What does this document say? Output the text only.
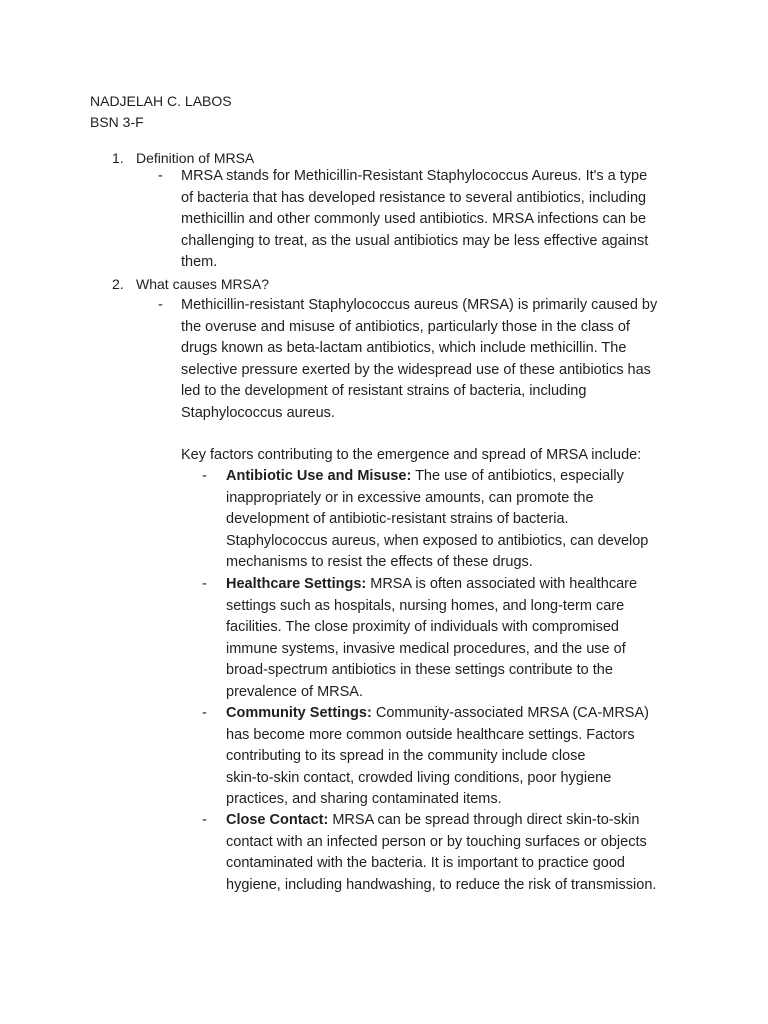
NADJELAH C. LABOS
BSN 3-F
1. Definition of MRSA
- MRSA stands for Methicillin-Resistant Staphylococcus Aureus. It's a type
of bacteria that has developed resistance to several antibiotics, including
methicillin and other commonly used antibiotics. MRSA infections can be
challenging to treat, as the usual antibiotics may be less effective against
them.
2. What causes MRSA?
- Methicillin-resistant Staphylococcus aureus (MRSA) is primarily caused by
the overuse and misuse of antibiotics, particularly those in the class of
drugs known as beta-lactam antibiotics, which include methicillin. The
selective pressure exerted by the widespread use of these antibiotics has
led to the development of resistant strains of bacteria, including
Staphylococcus aureus.
Key factors contributing to the emergence and spread of MRSA include:
- Antibiotic Use and Misuse: The use of antibiotics, especially
inappropriately or in excessive amounts, can promote the
development of antibiotic-resistant strains of bacteria.
Staphylococcus aureus, when exposed to antibiotics, can develop
mechanisms to resist the effects of these drugs.
- Healthcare Settings: MRSA is often associated with healthcare
settings such as hospitals, nursing homes, and long-term care
facilities. The close proximity of individuals with compromised
immune systems, invasive medical procedures, and the use of
broad-spectrum antibiotics in these settings contribute to the
prevalence of MRSA.
- Community Settings: Community-associated MRSA (CA-MRSA)
has become more common outside healthcare settings. Factors
contributing to its spread in the community include close
skin-to-skin contact, crowded living conditions, poor hygiene
practices, and sharing contaminated items.
- Close Contact: MRSA can be spread through direct skin-to-skin
contact with an infected person or by touching surfaces or objects
contaminated with the bacteria. It is important to practice good
hygiene, including handwashing, to reduce the risk of transmission.
